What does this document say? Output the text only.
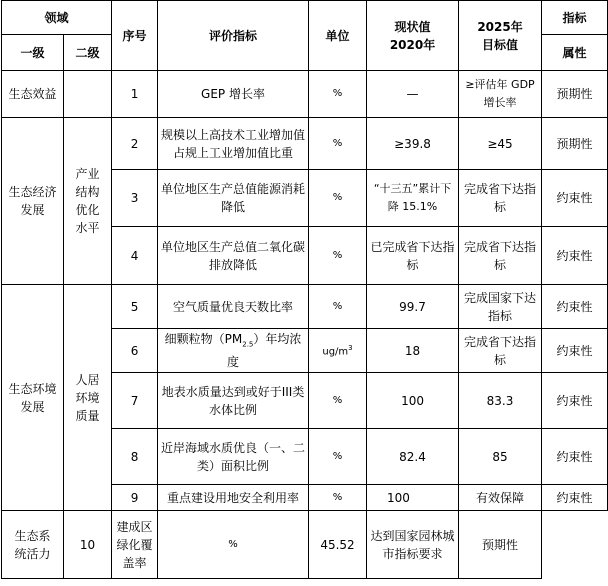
领域		序号	评价指标	单位	现状值2020年	2025年目标值	指标
一级	二级						属性
生态效益		1	GEP 增长率	%	—	≥评估年 GDP增长率	预期性
生态经济发展	产业结构优化水平	2	规模以上高技术工业增加值占规上工业增加值比重	%	≥39.8	≥45	预期性
		3	单位地区生产总值能源消耗降低	%	“十三五”累计下降 15.1%	完成省下达指标	约束性
		4	单位地区生产总值二氧化碳排放降低	%	已完成省下达指标	完成省下达指标	约束性
生态环境发展	人居环境质量	5	空气质量优良天数比率	%	99.7	完成国家下达指标	约束性
		6	细颗粒物$(PM_{2.5})$年均浓度	$ug/m^3$	18	完成省下达指标	约束性
		7	地表水质量达到或好于III类水体比例	%	100	83.3	约束性
		8	近岸海域水质优良（一、二类）面积比例	%	82.4	85	约束性
		9	重点建设用地安全利用率	%	100	有效保障	约束性
生态系统活力	10	建成区绿化覆盖率	%	45.52	达到国家园林城市指标要求	预期性	
